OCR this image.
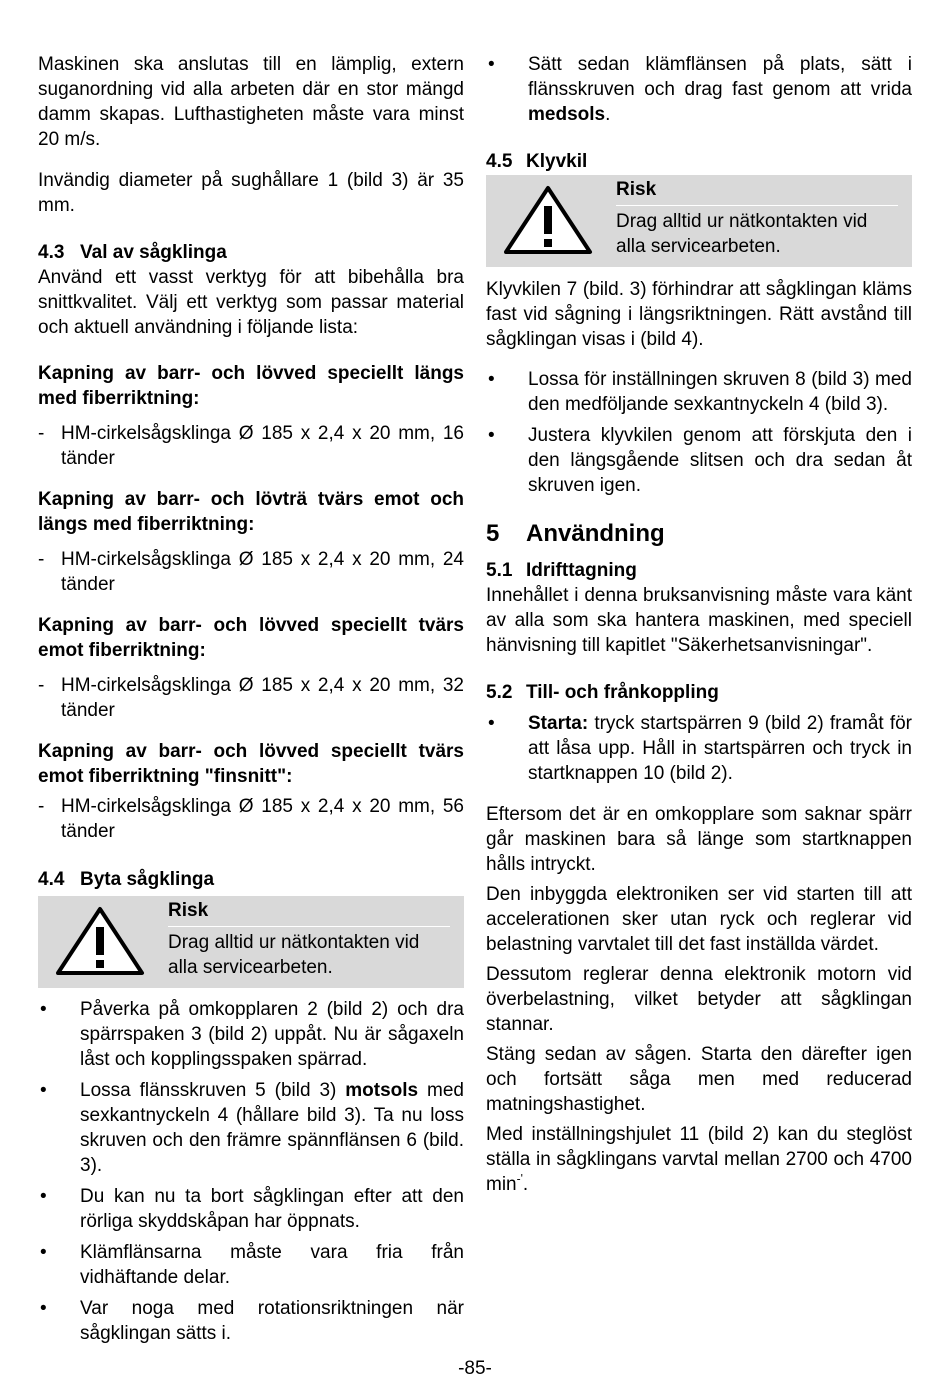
Maskinen ska anslutas till en lämplig, extern suganordning vid alla arbeten där en stor mängd damm skapas. Lufthastigheten måste vara minst 20 m/s.

Invändig diameter på sughållare 1 (bild 3) är 35 mm.

4.3 Val av sågklinga

Använd ett vasst verktyg för att bibehålla bra snittkvalitet. Välj ett verktyg som passar material och aktuell användning i följande lista:

Kapning av barr- och lövved speciellt längs med fiberriktning:

- HM-cirkelsågsklinga Ø 185 x 2,4 x 20 mm, 16 tänder

Kapning av barr- och lövträ tvärs emot och längs med fiberriktning:

- HM-cirkelsågsklinga Ø 185 x 2,4 x 20 mm, 24 tänder

Kapning av barr- och lövved speciellt tvärs emot fiberriktning:

- HM-cirkelsågsklinga Ø 185 x 2,4 x 20 mm, 32 tänder

Kapning av barr- och lövved speciellt tvärs emot fiberriktning "finsnitt":

- HM-cirkelsågsklinga Ø 185 x 2,4 x 20 mm, 56 tänder

4.4 Byta sågklinga
Risk
Drag alltid ur nätkontakten vid alla servicearbeten.
• Påverka på omkopplaren 2 (bild 2) och dra spärrspaken 3 (bild 2) uppåt. Nu är sågaxeln låst och kopplingsspaken spärrad.
• Lossa flänsskruven 5 (bild 3) motsols med sexkantnyckeln 4 (hållare bild 3). Ta nu loss skruven och den främre spännflänsen 6 (bild. 3).
• Du kan nu ta bort sågklingan efter att den rörliga skyddskåpan har öppnats.
• Klämflänsarna måste vara fria från vidhäftande delar.
• Var noga med rotationsriktningen när sågklingan sätts i.
• Sätt sedan klämflänsen på plats, sätt i flänsskruven och drag fast genom att vrida medsols.
4.5 Klyvkil
Risk
Drag alltid ur nätkontakten vid alla servicearbeten.

Klyvkilen 7 (bild. 3) förhindrar att sågklingan kläms fast vid sågning i längsriktningen. Rätt avstånd till sågklingan visas i (bild 4).

• Lossa för inställningen skruven 8 (bild 3) med den medföljande sexkantnyckeln 4 (bild 3).
• Justera klyvkilen genom att förskjuta den i den längsgående slitsen och dra sedan åt skruven igen.
5 Användning
5.1 Idrifttagning

Innehållet i denna bruksanvisning måste vara känt av alla som ska hantera maskinen, med speciell hänvisning till kapitlet "Säkerhetsanvisningar".

5.2 Till- och frånkoppling
• Starta: tryck startspärren 9 (bild 2) framåt för att låsa upp. Håll in startspärren och tryck in startknappen 10 (bild 2).

Eftersom det är en omkopplare som saknar spärr går maskinen bara så länge som startknappen hålls intryckt.

Den inbyggda elektroniken ser vid starten till att accelerationen sker utan ryck och reglerar vid belastning varvtalet till det fast inställda värdet.

Dessutom reglerar denna elektronik motorn vid överbelastning, vilket betyder att sågklingan stannar.

Stäng sedan av sågen. Starta den därefter igen och fortsätt såga men med reducerad matningshastighet.

Med inställningshjulet 11 (bild 2) kan du steglöst ställa in sågklingans varvtal mellan 2700 och 4700 min-'.

-85-
